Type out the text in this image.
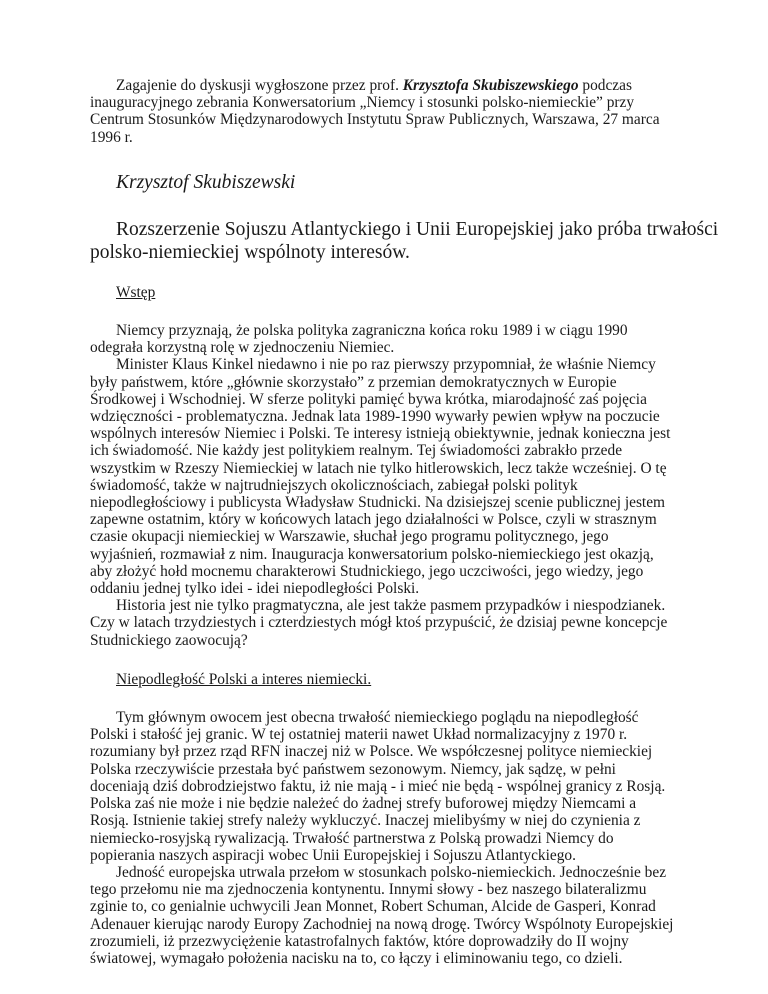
Zagajenie do dyskusji wygłoszone przez prof. Krzysztofa Skubiszewskiego podczas
inauguracyjnego zebrania Konwersatorium „Niemcy i stosunki polsko-niemieckie” przy
Centrum Stosunków Międzynarodowych Instytutu Spraw Publicznych, Warszawa, 27 marca
1996 r.

Krzysztof Skubiszewski

Rozszerzenie Sojuszu Atlantyckiego i Unii Europejskiej jako próba trwałości
polsko-niemieckiej wspólnoty interesów.

Wstęp

Niemcy przyznają, że polska polityka zagraniczna końca roku 1989 i w ciągu 1990
odegrała korzystną rolę w zjednoczeniu Niemiec.
Minister Klaus Kinkel niedawno i nie po raz pierwszy przypomniał, że właśnie Niemcy
były państwem, które „głównie skorzystało” z przemian demokratycznych w Europie
Środkowej i Wschodniej. W sferze polityki pamięć bywa krótka, miarodajność zaś pojęcia
wdzięczności - problematyczna. Jednak lata 1989-1990 wywarły pewien wpływ na poczucie
wspólnych interesów Niemiec i Polski. Te interesy istnieją obiektywnie, jednak konieczna jest
ich świadomość. Nie każdy jest politykiem realnym. Tej świadomości zabrakło przede
wszystkim w Rzeszy Niemieckiej w latach nie tylko hitlerowskich, lecz także wcześniej. O tę
świadomość, także w najtrudniejszych okolicznościach, zabiegał polski polityk
niepodległościowy i publicysta Władysław Studnicki. Na dzisiejszej scenie publicznej jestem
zapewne ostatnim, który w końcowych latach jego działalności w Polsce, czyli w strasznym
czasie okupacji niemieckiej w Warszawie, słuchał jego programu politycznego, jego
wyjaśnień, rozmawiał z nim. Inauguracja konwersatorium polsko-niemieckiego jest okazją,
aby złożyć hołd mocnemu charakterowi Studnickiego, jego uczciwości, jego wiedzy, jego
oddaniu jednej tylko idei - idei niepodległości Polski.
Historia jest nie tylko pragmatyczna, ale jest także pasmem przypadków i niespodzianek.
Czy w latach trzydziestych i czterdziestych mógł ktoś przypuścić, że dzisiaj pewne koncepcje
Studnickiego zaowocują?

Niepodległość Polski a interes niemiecki.

Tym głównym owocem jest obecna trwałość niemieckiego poglądu na niepodległość
Polski i stałość jej granic. W tej ostatniej materii nawet Układ normalizacyjny z 1970 r.
rozumiany był przez rząd RFN inaczej niż w Polsce. We współczesnej polityce niemieckiej
Polska rzeczywiście przestała być państwem sezonowym. Niemcy, jak sądzę, w pełni
doceniają dziś dobrodziejstwo faktu, iż nie mają - i mieć nie będą - wspólnej granicy z Rosją.
Polska zaś nie może i nie będzie należeć do żadnej strefy buforowej między Niemcami a
Rosją. Istnienie takiej strefy należy wykluczyć. Inaczej mielibyśmy w niej do czynienia z
niemiecko-rosyjską rywalizacją. Trwałość partnerstwa z Polską prowadzi Niemcy do
popierania naszych aspiracji wobec Unii Europejskiej i Sojuszu Atlantyckiego.
Jedność europejska utrwala przełom w stosunkach polsko-niemieckich. Jednocześnie bez
tego przełomu nie ma zjednoczenia kontynentu. Innymi słowy - bez naszego bilateralizmu
zginie to, co genialnie uchwycili Jean Monnet, Robert Schuman, Alcide de Gasperi, Konrad
Adenauer kierując narody Europy Zachodniej na nową drogę. Twórcy Wspólnoty Europejskiej
zrozumieli, iż przezwyciężenie katastrofalnych faktów, które doprowadziły do II wojny
światowej, wymagało położenia nacisku na to, co łączy i eliminowaniu tego, co dzieli.
